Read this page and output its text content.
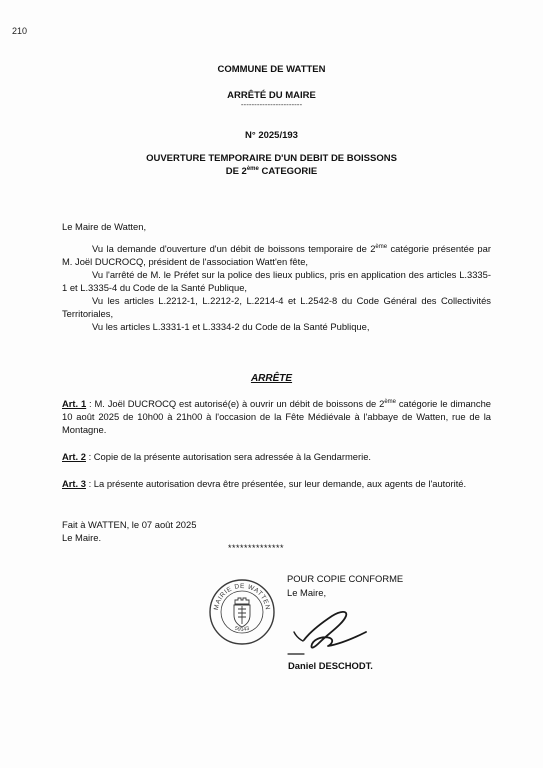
210
COMMUNE DE WATTEN
ARRÊTÉ DU MAIRE
-----------------------
N° 2025/193
OUVERTURE TEMPORAIRE D'UN DEBIT DE BOISSONS
DE 2ème CATEGORIE
Le Maire de Watten,
Vu la demande d'ouverture d'un débit de boissons temporaire de 2ème catégorie présentée par M. Joël DUCROCQ, président de l'association Watt'en fête,
Vu l'arrêté de M. le Préfet sur la police des lieux publics, pris en application des articles L.3335-1 et L.3335-4 du Code de la Santé Publique,
Vu les articles L.2212-1, L.2212-2, L.2214-4 et L.2542-8 du Code Général des Collectivités Territoriales,
Vu les articles L.3331-1 et L.3334-2 du Code de la Santé Publique,
ARRÊTE
Art. 1 : M. Joël DUCROCQ est autorisé(e) à ouvrir un débit de boissons de 2ème catégorie le dimanche 10 août 2025 de 10h00 à 21h00 à l'occasion de la Fête Médiévale à l'abbaye de Watten, rue de la Montagne.
Art. 2 : Copie de la présente autorisation sera adressée à la Gendarmerie.
Art. 3 : La présente autorisation devra être présentée, sur leur demande, aux agents de l'autorité.
Fait à WATTEN, le 07 août 2025
Le Maire.
**************
POUR COPIE CONFORME
Le Maire,
MAIRIE DE WATTEN
59143
Daniel DESCHODT.
